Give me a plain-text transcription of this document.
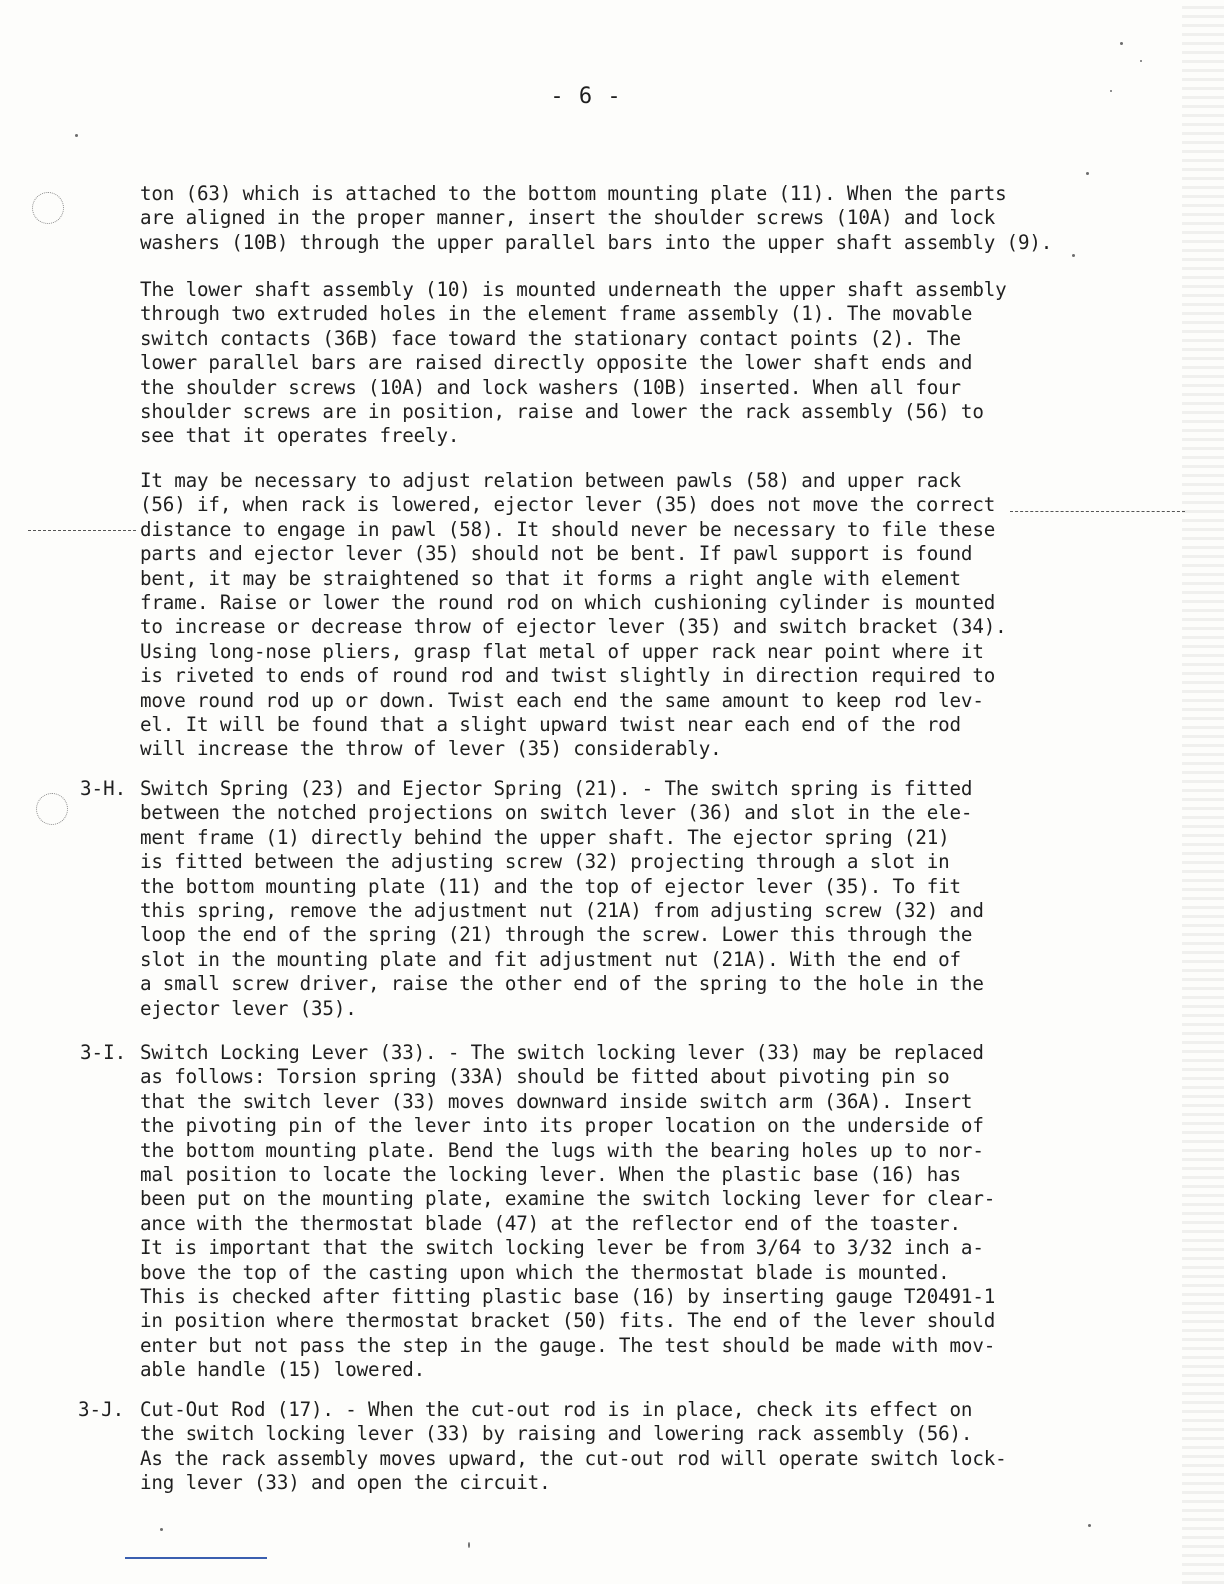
- 6 -
3-H.
3-I.
3-J.

ton (63) which is attached to the bottom mounting plate (11). When the parts
are aligned in the proper manner, insert the shoulder screws (10A) and lock
washers (10B) through the upper parallel bars into the upper shaft assembly (9).

The lower shaft assembly (10) is mounted underneath the upper shaft assembly
through two extruded holes in the element frame assembly (1). The movable
switch contacts (36B) face toward the stationary contact points (2). The
lower parallel bars are raised directly opposite the lower shaft ends and
the shoulder screws (10A) and lock washers (10B) inserted. When all four
shoulder screws are in position, raise and lower the rack assembly (56) to
see that it operates freely.

It may be necessary to adjust relation between pawls (58) and upper rack
(56) if, when rack is lowered, ejector lever (35) does not move the correct
distance to engage in pawl (58). It should never be necessary to file these
parts and ejector lever (35) should not be bent. If pawl support is found
bent, it may be straightened so that it forms a right angle with element
frame. Raise or lower the round rod on which cushioning cylinder is mounted
to increase or decrease throw of ejector lever (35) and switch bracket (34).
Using long-nose pliers, grasp flat metal of upper rack near point where it
is riveted to ends of round rod and twist slightly in direction required to
move round rod up or down. Twist each end the same amount to keep rod lev-
el. It will be found that a slight upward twist near each end of the rod
will increase the throw of lever (35) considerably.

Switch Spring (23) and Ejector Spring (21). - The switch spring is fitted
between the notched projections on switch lever (36) and slot in the ele-
ment frame (1) directly behind the upper shaft. The ejector spring (21)
is fitted between the adjusting screw (32) projecting through a slot in
the bottom mounting plate (11) and the top of ejector lever (35). To fit
this spring, remove the adjustment nut (21A) from adjusting screw (32) and
loop the end of the spring (21) through the screw. Lower this through the
slot in the mounting plate and fit adjustment nut (21A). With the end of
a small screw driver, raise the other end of the spring to the hole in the
ejector lever (35).

Switch Locking Lever (33). - The switch locking lever (33) may be replaced
as follows: Torsion spring (33A) should be fitted about pivoting pin so
that the switch lever (33) moves downward inside switch arm (36A). Insert
the pivoting pin of the lever into its proper location on the underside of
the bottom mounting plate. Bend the lugs with the bearing holes up to nor-
mal position to locate the locking lever. When the plastic base (16) has
been put on the mounting plate, examine the switch locking lever for clear-
ance with the thermostat blade (47) at the reflector end of the toaster.
It is important that the switch locking lever be from 3/64 to 3/32 inch a-
bove the top of the casting upon which the thermostat blade is mounted.
This is checked after fitting plastic base (16) by inserting gauge T20491-1
in position where thermostat bracket (50) fits. The end of the lever should
enter but not pass the step in the gauge. The test should be made with mov-
able handle (15) lowered.

Cut-Out Rod (17). - When the cut-out rod is in place, check its effect on
the switch locking lever (33) by raising and lowering rack assembly (56).
As the rack assembly moves upward, the cut-out rod will operate switch lock-
ing lever (33) and open the circuit.
